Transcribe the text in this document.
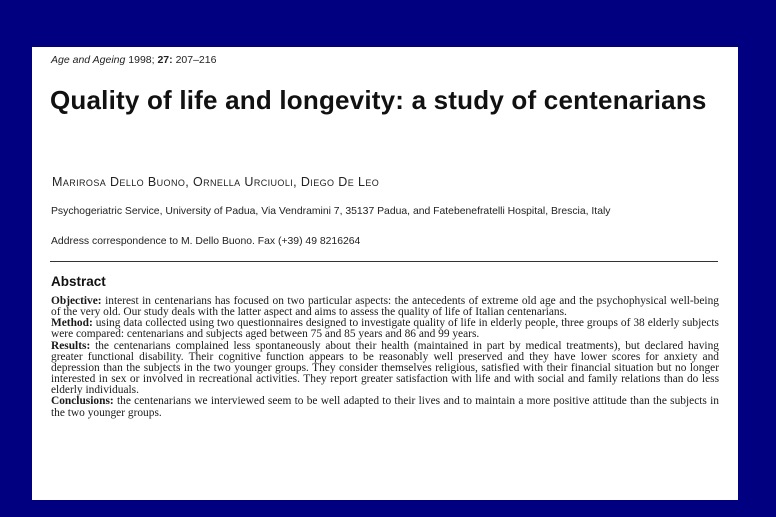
Age and Ageing 1998; 27: 207–216
Quality of life and longevity: a study of centenarians
Marirosa Dello Buono, Ornella Urciuoli, Diego De Leo
Psychogeriatric Service, University of Padua, Via Vendramini 7, 35137 Padua, and Fatebenefratelli Hospital, Brescia, Italy
Address correspondence to M. Dello Buono. Fax (+39) 49 8216264
Abstract

Objective: interest in centenarians has focused on two particular aspects: the antecedents of extreme old age and the psychophysical well-being of the very old. Our study deals with the latter aspect and aims to assess the quality of life of Italian centenarians.

Method: using data collected using two questionnaires designed to investigate quality of life in elderly people, three groups of 38 elderly subjects were compared: centenarians and subjects aged between 75 and 85 years and 86 and 99 years.

Results: the centenarians complained less spontaneously about their health (maintained in part by medical treatments), but declared having greater functional disability. Their cognitive function appears to be reasonably well preserved and they have lower scores for anxiety and depression than the subjects in the two younger groups. They consider themselves religious, satisfied with their financial situation but no longer interested in sex or involved in recreational activities. They report greater satisfaction with life and with social and family relations than do less elderly individuals.

Conclusions: the centenarians we interviewed seem to be well adapted to their lives and to maintain a more positive attitude than the subjects in the two younger groups.
